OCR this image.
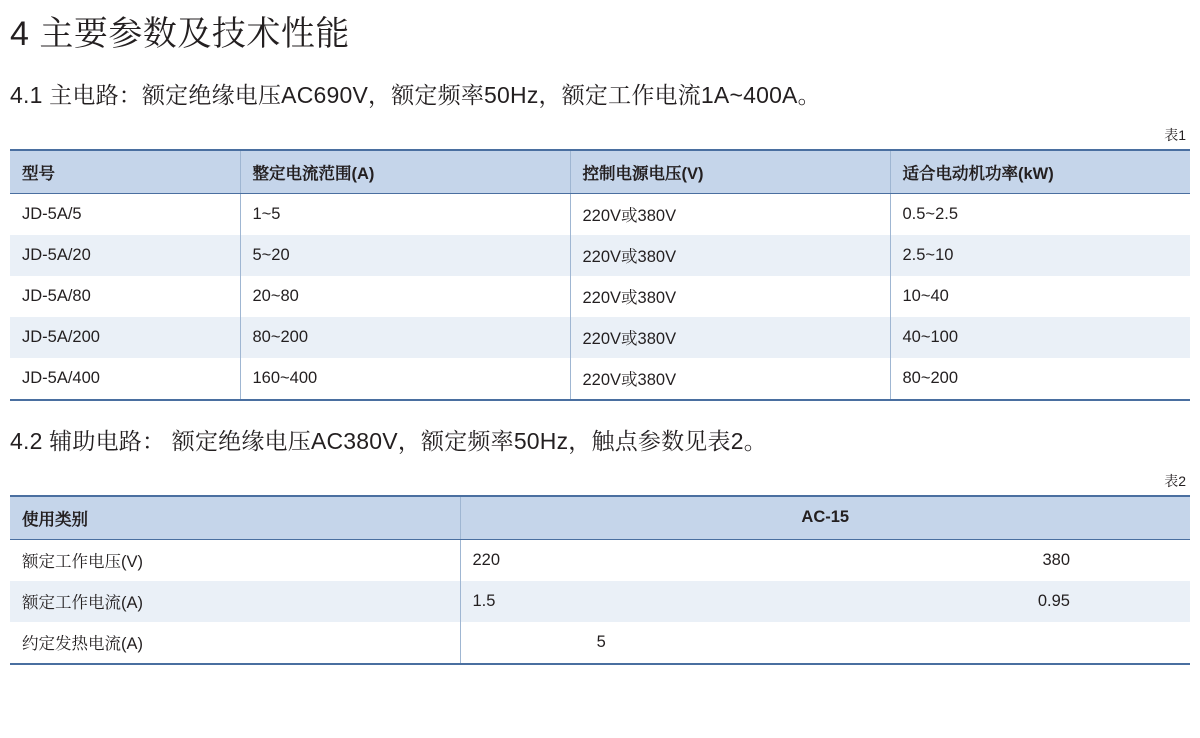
4 主要参数及技术性能

4.1 主电路：额定绝缘电压AC690V，额定频率50Hz，额定工作电流1A~400A。

表1
型号	整定电流范围(A)	控制电源电压(V)	适合电动机功率(kW)
JD-5A/5	1~5	220V或380V	0.5~2.5
JD-5A/20	5~20	220V或380V	2.5~10
JD-5A/80	20~80	220V或380V	10~40
JD-5A/200	80~200	220V或380V	40~100
JD-5A/400	160~400	220V或380V	80~200

4.2 辅助电路： 额定绝缘电压AC380V，额定频率50Hz，触点参数见表2。

表2
使用类别	AC-15
额定工作电压(V)	220 380

额定工作电流(A)	1.5 0.95

约定发热电流(A)	5
